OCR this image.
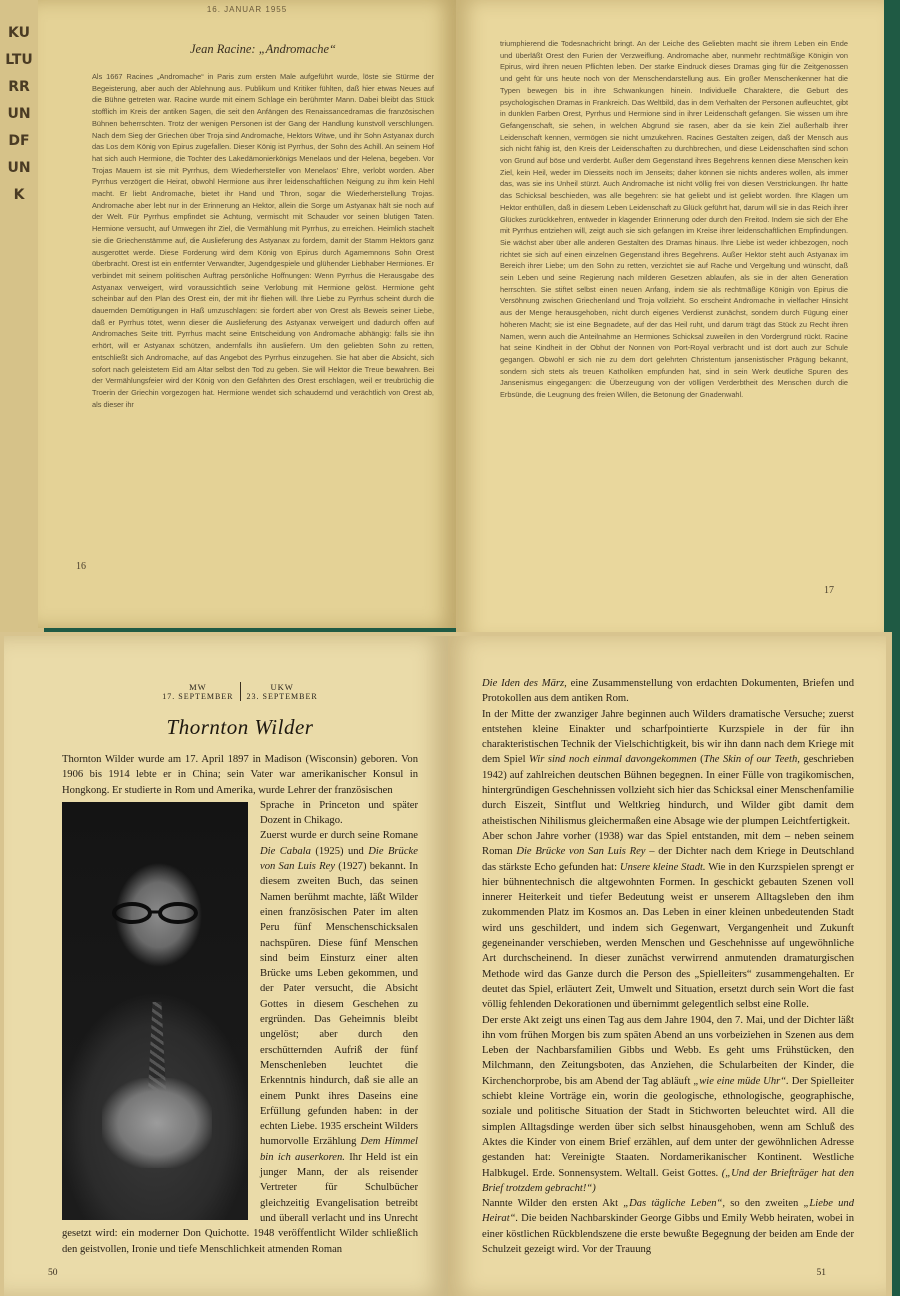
KULTURRUNDFUNK
16. JANUAR 1955
Jean Racine: „Andromache“

Als 1667 Racines „Andromache“ in Paris zum ersten Male aufgeführt wurde, löste sie Stürme der Begeisterung, aber auch der Ablehnung aus. Publikum und Kritiker fühlten, daß hier etwas Neues auf die Bühne getreten war. Racine wurde mit einem Schlage ein berühmter Mann. Dabei bleibt das Stück stofflich im Kreis der antiken Sagen, die seit den Anfängen des Renaissancedramas die französischen Bühnen beherrschten. Trotz der wenigen Personen ist der Gang der Handlung kunstvoll verschlungen. Nach dem Sieg der Griechen über Troja sind Andromache, Hektors Witwe, und ihr Sohn Astyanax durch das Los dem König von Epirus zugefallen. Dieser König ist Pyrrhus, der Sohn des Achill. An seinem Hof hat sich auch Hermione, die Tochter des Lakedämonierkönigs Menelaos und der Helena, begeben. Vor Trojas Mauern ist sie mit Pyrrhus, dem Wiederhersteller von Menelaos' Ehre, verlobt worden. Aber Pyrrhus verzögert die Heirat, obwohl Hermione aus ihrer leidenschaftlichen Neigung zu ihm kein Hehl macht. Er liebt Andromache, bietet ihr Hand und Thron, sogar die Wiederherstellung Trojas. Andromache aber lebt nur in der Erinnerung an Hektor, allein die Sorge um Astyanax hält sie noch auf der Welt. Für Pyrrhus empfindet sie Achtung, vermischt mit Schauder vor seinen blutigen Taten. Hermione versucht, auf Umwegen ihr Ziel, die Vermählung mit Pyrrhus, zu erreichen. Heimlich stachelt sie die Griechenstämme auf, die Auslieferung des Astyanax zu fordern, damit der Stamm Hektors ganz ausgerottet werde. Diese Forderung wird dem König von Epirus durch Agamemnons Sohn Orest überbracht. Orest ist ein entfernter Verwandter, Jugendgespiele und glühender Liebhaber Hermiones. Er verbindet mit seinem politischen Auftrag persönliche Hoffnungen: Wenn Pyrrhus die Herausgabe des Astyanax verweigert, wird voraussichtlich seine Verlobung mit Hermione gelöst. Hermione geht scheinbar auf den Plan des Orest ein, der mit ihr fliehen will. Ihre Liebe zu Pyrrhus scheint durch die dauernden Demütigungen in Haß umzuschlagen: sie fordert aber von Orest als Beweis seiner Liebe, daß er Pyrrhus tötet, wenn dieser die Auslieferung des Astyanax verweigert und dadurch offen auf Andromaches Seite tritt. Pyrrhus macht seine Entscheidung von Andromache abhängig: falls sie ihn erhört, will er Astyanax schützen, andernfalls ihn ausliefern. Um den geliebten Sohn zu retten, entschließt sich Andromache, auf das Angebot des Pyrrhus einzugehen. Sie hat aber die Absicht, sich sofort nach geleistetem Eid am Altar selbst den Tod zu geben. Sie will Hektor die Treue bewahren. Bei der Vermählungsfeier wird der König von den Gefährten des Orest erschlagen, weil er treubrüchig die Troerin der Griechin vorgezogen hat. Hermione wendet sich schaudernd und verächtlich von Orest ab, als dieser ihr

16

triumphierend die Todesnachricht bringt. An der Leiche des Geliebten macht sie ihrem Leben ein Ende und überläßt Orest den Furien der Verzweiflung. Andromache aber, nunmehr rechtmäßige Königin von Epirus, wird ihren neuen Pflichten leben. Der starke Eindruck dieses Dramas ging für die Zeitgenossen und geht für uns heute noch von der Menschendarstellung aus. Ein großer Menschenkenner hat die Typen bewegen bis in ihre Schwankungen hinein. Individuelle Charaktere, die Geburt des psychologischen Dramas in Frankreich. Das Weltbild, das in dem Verhalten der Personen aufleuchtet, gibt in dunklen Farben Orest, Pyrrhus und Hermione sind in ihrer Leidenschaft gefangen. Sie wissen um ihre Gefangenschaft, sie sehen, in welchen Abgrund sie rasen, aber da sie kein Ziel außerhalb ihrer Leidenschaft kennen, vermögen sie nicht umzukehren. Racines Gestalten zeigen, daß der Mensch aus sich nicht fähig ist, den Kreis der Leidenschaften zu durchbrechen, und diese Leidenschaften sind schon von Grund auf böse und verderbt. Außer dem Gegenstand ihres Begehrens kennen diese Menschen kein Ziel, kein Heil, weder im Diesseits noch im Jenseits; daher können sie nichts anderes wollen, als immer das, was sie ins Unheil stürzt. Auch Andromache ist nicht völlig frei von diesen Verstrickungen. Ihr hatte das Schicksal beschieden, was alle begehren: sie hat geliebt und ist geliebt worden. Ihre Klagen um Hektor enthüllen, daß in diesem Leben Leidenschaft zu Glück geführt hat, darum will sie in das Reich ihrer Glückes zurückkehren, entweder in klagender Erinnerung oder durch den Freitod. Indem sie sich der Ehe mit Pyrrhus entziehen will, zeigt auch sie sich gefangen im Kreise ihrer leidenschaftlichen Empfindungen. Sie wächst aber über alle anderen Gestalten des Dramas hinaus. Ihre Liebe ist weder ichbezogen, noch richtet sie sich auf einen einzelnen Gegenstand ihres Begehrens. Außer Hektor steht auch Astyanax im Bereich ihrer Liebe; um den Sohn zu retten, verzichtet sie auf Rache und Vergeltung und wünscht, daß sein Leben und seine Regierung nach milderen Gesetzen ablaufen, als sie in der alten Generation herrschten. Sie stiftet selbst einen neuen Anfang, indem sie als rechtmäßige Königin von Epirus die Versöhnung zwischen Griechenland und Troja vollzieht. So erscheint Andromache in vielfacher Hinsicht aus der Menge herausgehoben, nicht durch eigenes Verdienst zunächst, sondern durch Fügung einer höheren Macht; sie ist eine Begnadete, auf der das Heil ruht, und darum trägt das Stück zu Recht ihren Namen, wenn auch die Anteilnahme an Hermiones Schicksal zuweilen in den Vordergrund rückt. Racine hat seine Kindheit in der Obhut der Nonnen von Port-Royal verbracht und ist dort auch zur Schule gegangen. Obwohl er sich nie zu dem dort gelehrten Christentum jansenistischer Prägung bekannt, sondern sich stets als treuen Katholiken empfunden hat, sind in sein Werk deutliche Spuren des Jansenismus eingegangen: die Überzeugung von der völligen Verderbtheit des Menschen durch die Erbsünde, die Leugnung des freien Willen, die Betonung der Gnadenwahl.

17
MW
17. SEPTEMBER
UKW
23. SEPTEMBER
Thornton Wilder

Thornton Wilder wurde am 17. April 1897 in Madison (Wisconsin) geboren. Von 1906 bis 1914 lebte er in China; sein Vater war amerikanischer Konsul in Hongkong. Er studierte in Rom und Amerika, wurde Lehrer der französischen

Sprache in Princeton und später Dozent in Chikago.
Zuerst wurde er durch seine Romane Die Cabala (1925) und Die Brücke von San Luis Rey (1927) bekannt. In diesem zweiten Buch, das seinen Namen berühmt machte, läßt Wilder einen französischen Pater im alten Peru fünf Menschenschicksalen nachspüren. Diese fünf Menschen sind beim Einsturz einer alten Brücke ums Leben gekommen, und der Pater versucht, die Absicht Gottes in diesem Geschehen zu ergründen. Das Geheimnis bleibt ungelöst; aber durch den erschütternden Aufriß der fünf Menschenleben leuchtet die Erkenntnis hindurch, daß sie alle an einem Punkt ihres Daseins eine Erfüllung gefunden haben: in der echten Liebe. 1935 erscheint Wilders humorvolle Erzählung Dem Himmel bin ich auserkoren. Ihr Held ist ein junger Mann, der als reisender Vertreter für Schulbücher gleichzeitig Evangelisation betreibt und überall verlacht und ins Unrecht gesetzt wird: ein moderner Don Quichotte. 1948 veröffentlicht Wilder schließlich den geistvollen, Ironie und tiefe Menschlichkeit atmenden Roman

50

Die Iden des März, eine Zusammenstellung von erdachten Dokumenten, Briefen und Protokollen aus dem antiken Rom.

In der Mitte der zwanziger Jahre beginnen auch Wilders dramatische Versuche; zuerst entstehen kleine Einakter und scharfpointierte Kurzspiele in der für ihn charakteristischen Technik der Vielschichtigkeit, bis wir ihn dann nach dem Kriege mit dem Spiel Wir sind noch einmal davongekommen (The Skin of our Teeth, geschrieben 1942) auf zahlreichen deutschen Bühnen begegnen. In einer Fülle von tragikomischen, hintergründigen Geschehnissen vollzieht sich hier das Schicksal einer Menschenfamilie durch Eiszeit, Sintflut und Weltkrieg hindurch, und Wilder gibt damit dem atheistischen Nihilismus gleichermaßen eine Absage wie der plumpen Leichtfertigkeit.

Aber schon Jahre vorher (1938) war das Spiel entstanden, mit dem – neben seinem Roman Die Brücke von San Luis Rey – der Dichter nach dem Kriege in Deutschland das stärkste Echo gefunden hat: Unsere kleine Stadt. Wie in den Kurzspielen sprengt er hier bühnentechnisch die altgewohnten Formen. In geschickt gebauten Szenen voll innerer Heiterkeit und tiefer Bedeutung weist er unserem Alltagsleben den ihm zukommenden Platz im Kosmos an. Das Leben in einer kleinen unbedeutenden Stadt wird uns geschildert, und indem sich Gegenwart, Vergangenheit und Zukunft gegeneinander verschieben, werden Menschen und Geschehnisse auf ungewöhnliche Art durchscheinend. In dieser zunächst verwirrend anmutenden dramaturgischen Methode wird das Ganze durch die Person des „Spielleiters“ zusammengehalten. Er deutet das Spiel, erläutert Zeit, Umwelt und Situation, ersetzt durch sein Wort die fast völlig fehlenden Dekorationen und übernimmt gelegentlich selbst eine Rolle.

Der erste Akt zeigt uns einen Tag aus dem Jahre 1904, den 7. Mai, und der Dichter läßt ihn vom frühen Morgen bis zum späten Abend an uns vorbeiziehen in Szenen aus dem Leben der Nachbarsfamilien Gibbs und Webb. Es geht ums Frühstücken, den Milchmann, den Zeitungsboten, das Anziehen, die Schularbeiten der Kinder, die Kirchenchorprobe, bis am Abend der Tag abläuft „wie eine müde Uhr“. Der Spielleiter schiebt kleine Vorträge ein, worin die geologische, ethnologische, geographische, soziale und politische Situation der Stadt in Stichworten beleuchtet wird. All die simplen Alltagsdinge werden über sich selbst hinausgehoben, wenn am Schluß des Aktes die Kinder von einem Brief erzählen, auf dem unter der gewöhnlichen Adresse gestanden hat: Vereinigte Staaten. Nordamerikanischer Kontinent. Westliche Halbkugel. Erde. Sonnensystem. Weltall. Geist Gottes. („Und der Briefträger hat den Brief trotzdem gebracht!“)

Nannte Wilder den ersten Akt „Das tägliche Leben“, so den zweiten „Liebe und Heirat“. Die beiden Nachbarskinder George Gibbs und Emily Webb heiraten, wobei in einer köstlichen Rückblendszene die erste bewußte Begegnung der beiden am Ende der Schulzeit gezeigt wird. Vor der Trauung

51
